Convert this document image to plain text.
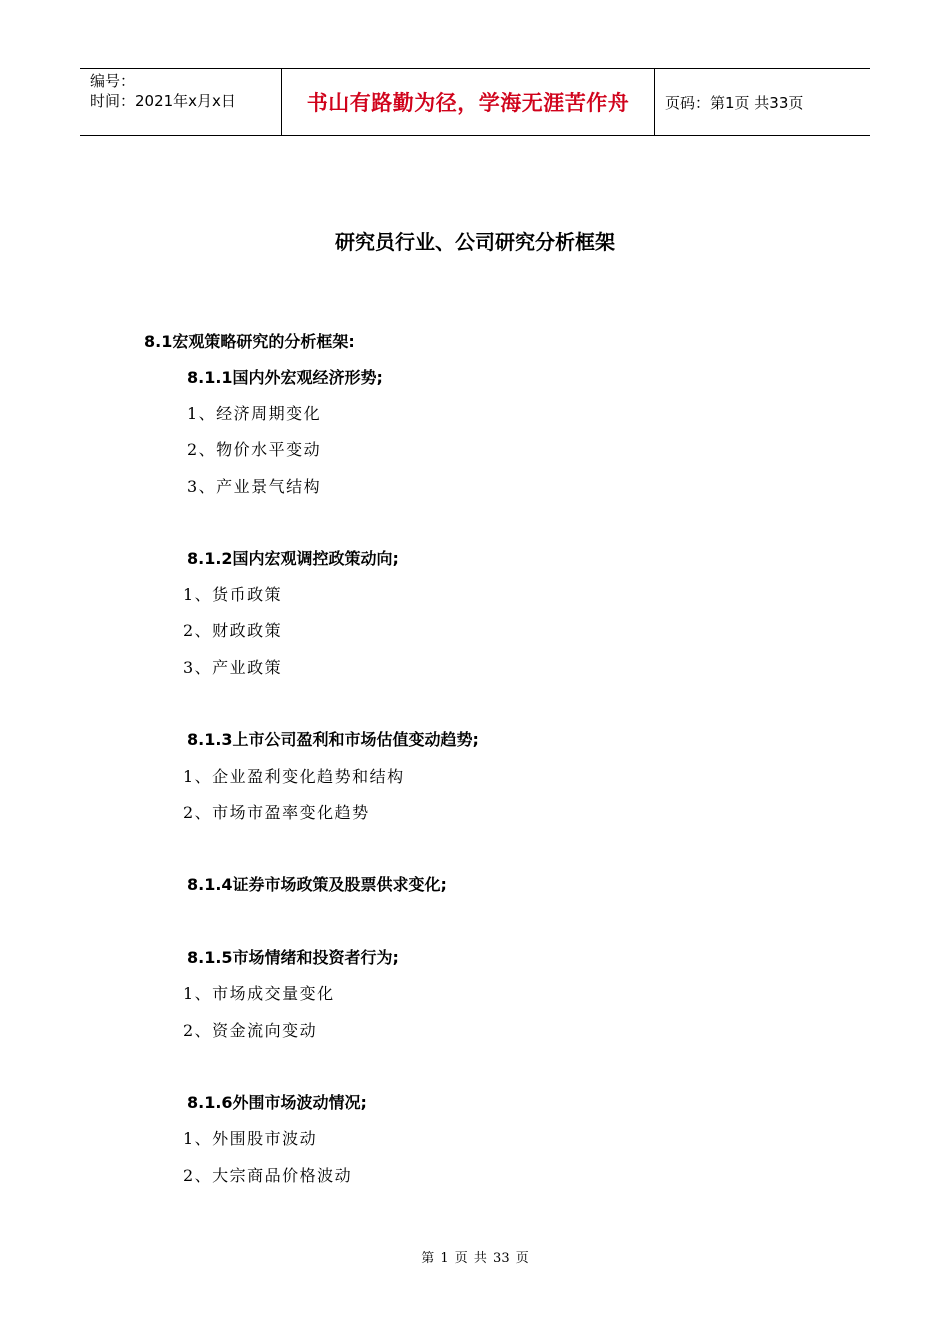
编号：
时间：2021年x月x日	书山有路勤为径，学海无涯苦作舟 页码：第1页 共33页
研究员行业、公司研究分析框架
8.1宏观策略研究的分析框架:
8.1.1国内外宏观经济形势;
1、经济周期变化
2、物价水平变动
3、产业景气结构
8.1.2国内宏观调控政策动向;
1、货币政策
2、财政政策
3、产业政策
8.1.3上市公司盈利和市场估值变动趋势;
1、企业盈利变化趋势和结构
2、市场市盈率变化趋势
8.1.4证券市场政策及股票供求变化;
8.1.5市场情绪和投资者行为;
1、市场成交量变化
2、资金流向变动
8.1.6外围市场波动情况;
1、外围股市波动
2、大宗商品价格波动
第 1 页 共 33 页
